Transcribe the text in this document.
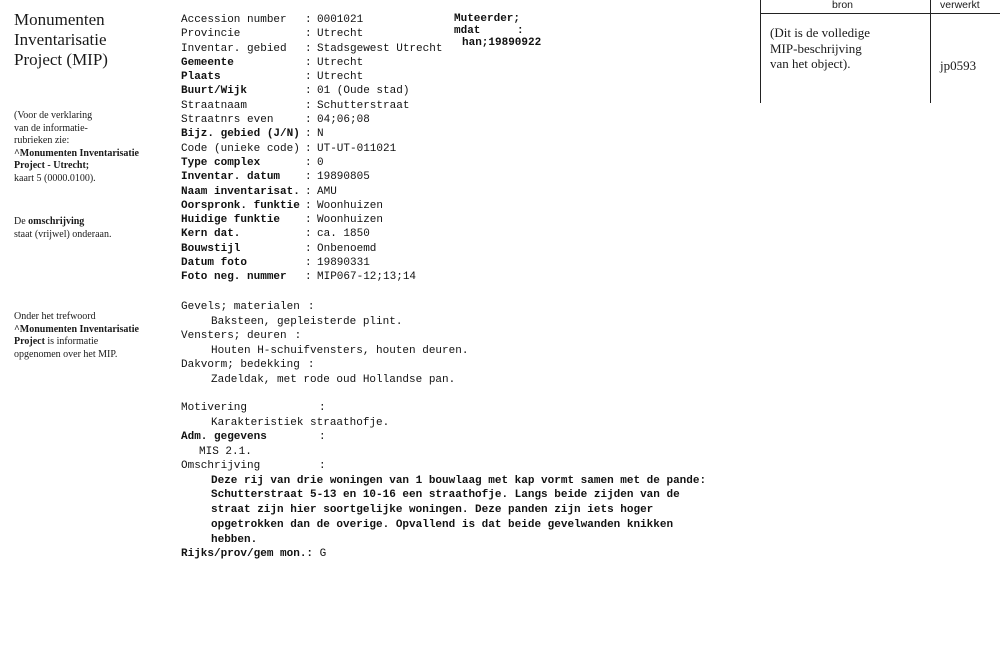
Monumenten
Inventarisatie
Project (MIP)
(Voor de verklaring
van de informatie-
rubrieken zie:
^Monumenten Inventarisatie
Project - Utrecht;
kaart 5 (0000.0100).
De omschrijving
staat (vrijwel) onderaan.
Onder het trefwoord
^Monumenten Inventarisatie
Project is informatie
opgenomen over het MIP.
Accession number : 0001021
Provincie	: Utrecht
Inventar. gebied : Stadsgewest Utrecht
Gemeente	: Utrecht
Plaats	: Utrecht
Buurt/Wijk	: 01 (Oude stad)
Straatnaam	: Schutterstraat
Straatnrs even	: 04;06;08
Bijz. gebied (J/N) : N
Code (unieke code) : UT-UT-011021
Type complex	: 0
Inventar. datum : 19890805
Naam inventarisat. : AMU
Oorspronk. funktie : Woonhuizen
Huidige funktie : Woonhuizen
Kern dat.	: ca. 1850
Bouwstijl	: Onbenoemd
Datum foto	: 19890331
Foto neg. nummer : MIP067-12;13;14
Muteerder; mdat	: han;19890922
Gevels; materialen :
Baksteen, gepleisterde plint.
Vensters; deuren :
Houten H-schuifvensters, houten deuren.
Dakvorm; bedekking :
Zadeldak, met rode oud Hollandse pan.
Motivering	:
Karakteristiek straathofje.
Adm. gegevens	:
MIS 2.1.
Omschrijving	:
Deze rij van drie woningen van 1 bouwlaag met kap vormt samen met de pande:
Schutterstraat 5-13 en 10-16 een straathofje. Langs beide zijden van de
straat zijn hier soortgelijke woningen. Deze panden zijn iets hoger
opgetrokken dan de overige. Opvallend is dat beide gevelwanden knikken
hebben.
Rijks/prov/gem mon.: G
bron	verwerkt
(Dit is de volledige
MIP-beschrijving
van het object).	jp0593
